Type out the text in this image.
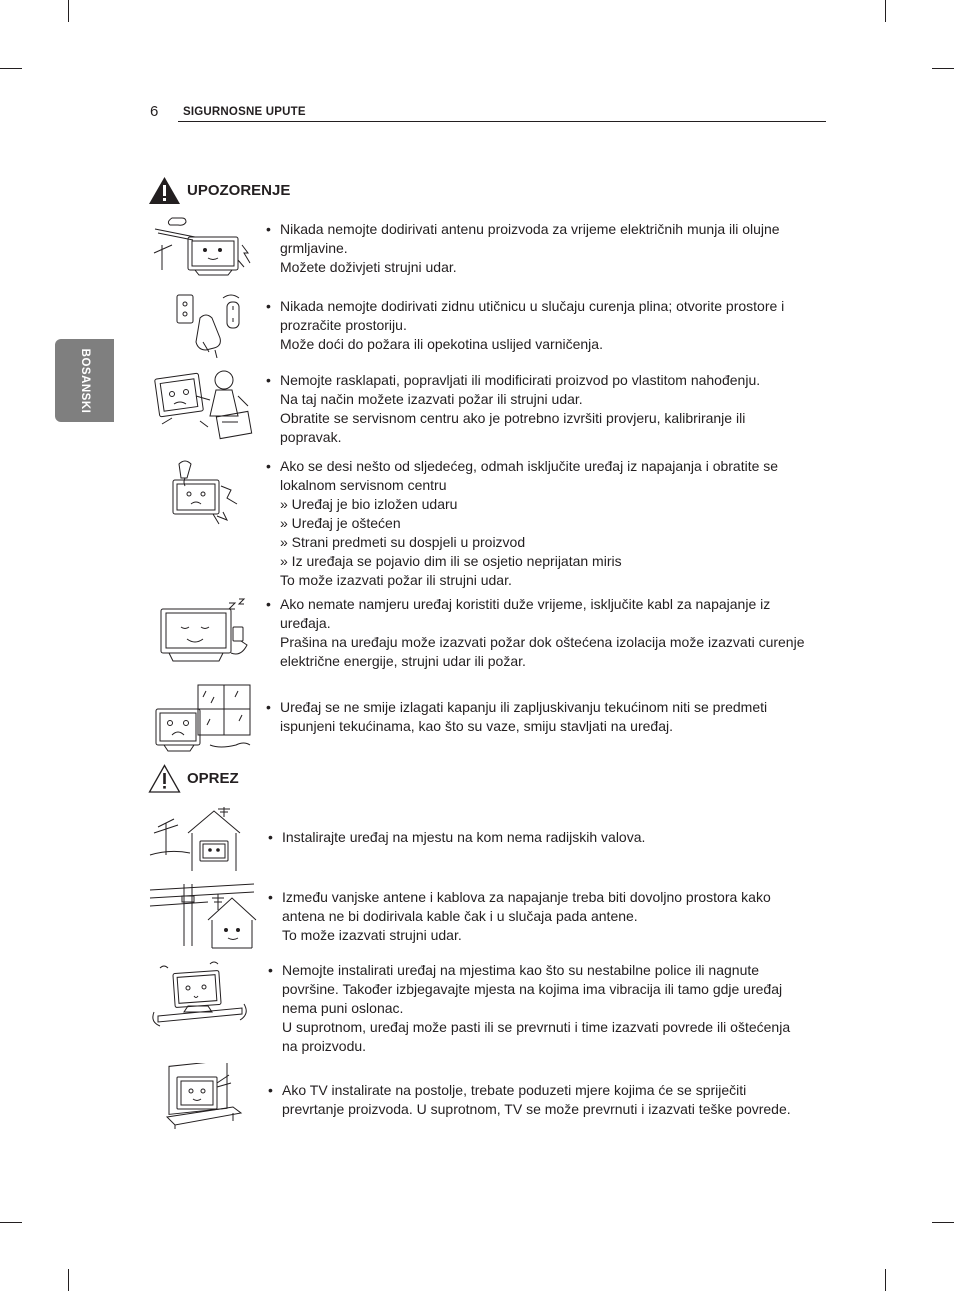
6 SIGURNOSNE UPUTE
BOSANSKI
UPOZORENJE
OPREZ
• Nikada nemojte dodirivati antenu proizvoda za vrijeme električnih munja ili olujne
grmljavine.
Možete doživjeti strujni udar.
• Nikada nemojte dodirivati zidnu utičnicu u slučaju curenja plina; otvorite prostore i
prozračite prostoriju.
Može doći do požara ili opekotina uslijed varničenja.
• Nemojte rasklapati, popravljati ili modificirati proizvod po vlastitom nahođenju.
Na taj način možete izazvati požar ili strujni udar.
Obratite se servisnom centru ako je potrebno izvršiti provjeru, kalibriranje ili
popravak.
• Ako se desi nešto od sljedećeg, odmah isključite uređaj iz napajanja i obratite se
lokalnom servisnom centru
» Uređaj je bio izložen udaru
» Uređaj je oštećen
» Strani predmeti su dospjeli u proizvod
» Iz uređaja se pojavio dim ili se osjetio neprijatan miris
To može izazvati požar ili strujni udar.
• Ako nemate namjeru uređaj koristiti duže vrijeme, isključite kabl za napajanje iz
uređaja.
Prašina na uređaju može izazvati požar dok oštećena izolacija može izazvati curenje
električne energije, strujni udar ili požar.
• Uređaj se ne smije izlagati kapanju ili zapljuskivanju tekućinom niti se predmeti
ispunjeni tekućinama, kao što su vaze, smiju stavljati na uređaj.
• Instalirajte uređaj na mjestu na kom nema radijskih valova.
• Između vanjske antene i kablova za napajanje treba biti dovoljno prostora kako
antena ne bi dodirivala kable čak i u slučaja pada antene.
To može izazvati strujni udar.
• Nemojte instalirati uređaj na mjestima kao što su nestabilne police ili nagnute
površine. Također izbjegavajte mjesta na kojima ima vibracija ili tamo gdje uređaj
nema puni oslonac.
U suprotnom, uređaj može pasti ili se prevrnuti i time izazvati povrede ili oštećenja
na proizvodu.
• Ako TV instalirate na postolje, trebate poduzeti mjere kojima će se spriječiti
prevrtanje proizvoda. U suprotnom, TV se može prevrnuti i izazvati teške povrede.
